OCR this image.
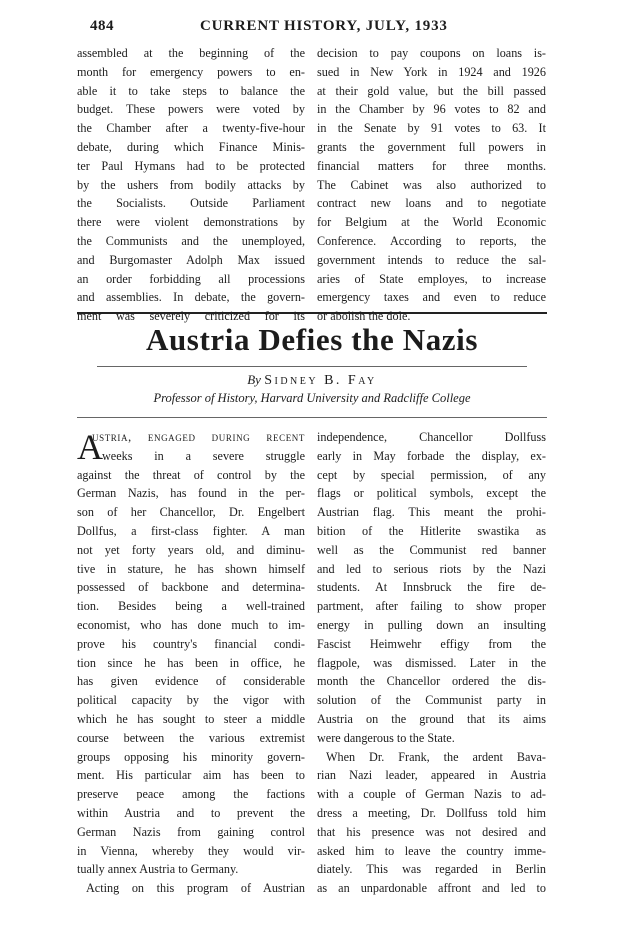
484	CURRENT HISTORY, JULY, 1933
assembled at the beginning of the
month for emergency powers to en-
able it to take steps to balance the
budget. These powers were voted by
the Chamber after a twenty-five-hour
debate, during which Finance Minis-
ter Paul Hymans had to be protected
by the ushers from bodily attacks by
the Socialists. Outside Parliament
there were violent demonstrations by
the Communists and the unemployed,
and Burgomaster Adolph Max issued
an order forbidding all processions
and assemblies. In debate, the govern-
ment was severely criticized for its
decision to pay coupons on loans is-
sued in New York in 1924 and 1926
at their gold value, but the bill passed
in the Chamber by 96 votes to 82 and
in the Senate by 91 votes to 63. It
grants the government full powers in
financial matters for three months.
The Cabinet was also authorized to
contract new loans and to negotiate
for Belgium at the World Economic
Conference. According to reports, the
government intends to reduce the sal-
aries of State employes, to increase
emergency taxes and even to reduce
or abolish the dole.
Austria Defies the Nazis
By Sidney B. Fay
Professor of History, Harvard University and Radcliffe College
A
ustria, engaged during recent
weeks in a severe struggle
against the threat of control by the
German Nazis, has found in the per-
son of her Chancellor, Dr. Engelbert
Dollfus, a first-class fighter. A man
not yet forty years old, and diminu-
tive in stature, he has shown himself
possessed of backbone and determina-
tion. Besides being a well-trained
economist, who has done much to im-
prove his country's financial condi-
tion since he has been in office, he
has given evidence of considerable
political capacity by the vigor with
which he has sought to steer a middle
course between the various extremist
groups opposing his minority govern-
ment. His particular aim has been to
preserve peace among the factions
within Austria and to prevent the
German Nazis from gaining control
in Vienna, whereby they would vir-
tually annex Austria to Germany.
Acting on this program of Austrian
independence, Chancellor Dollfuss
early in May forbade the display, ex-
cept by special permission, of any
flags or political symbols, except the
Austrian flag. This meant the prohi-
bition of the Hitlerite swastika as
well as the Communist red banner
and led to serious riots by the Nazi
students. At Innsbruck the fire de-
partment, after failing to show proper
energy in pulling down an insulting
Fascist Heimwehr effigy from the
flagpole, was dismissed. Later in the
month the Chancellor ordered the dis-
solution of the Communist party in
Austria on the ground that its aims
were dangerous to the State.
When Dr. Frank, the ardent Bava-
rian Nazi leader, appeared in Austria
with a couple of German Nazis to ad-
dress a meeting, Dr. Dollfuss told him
that his presence was not desired and
asked him to leave the country imme-
diately. This was regarded in Berlin
as an unpardonable affront and led to
